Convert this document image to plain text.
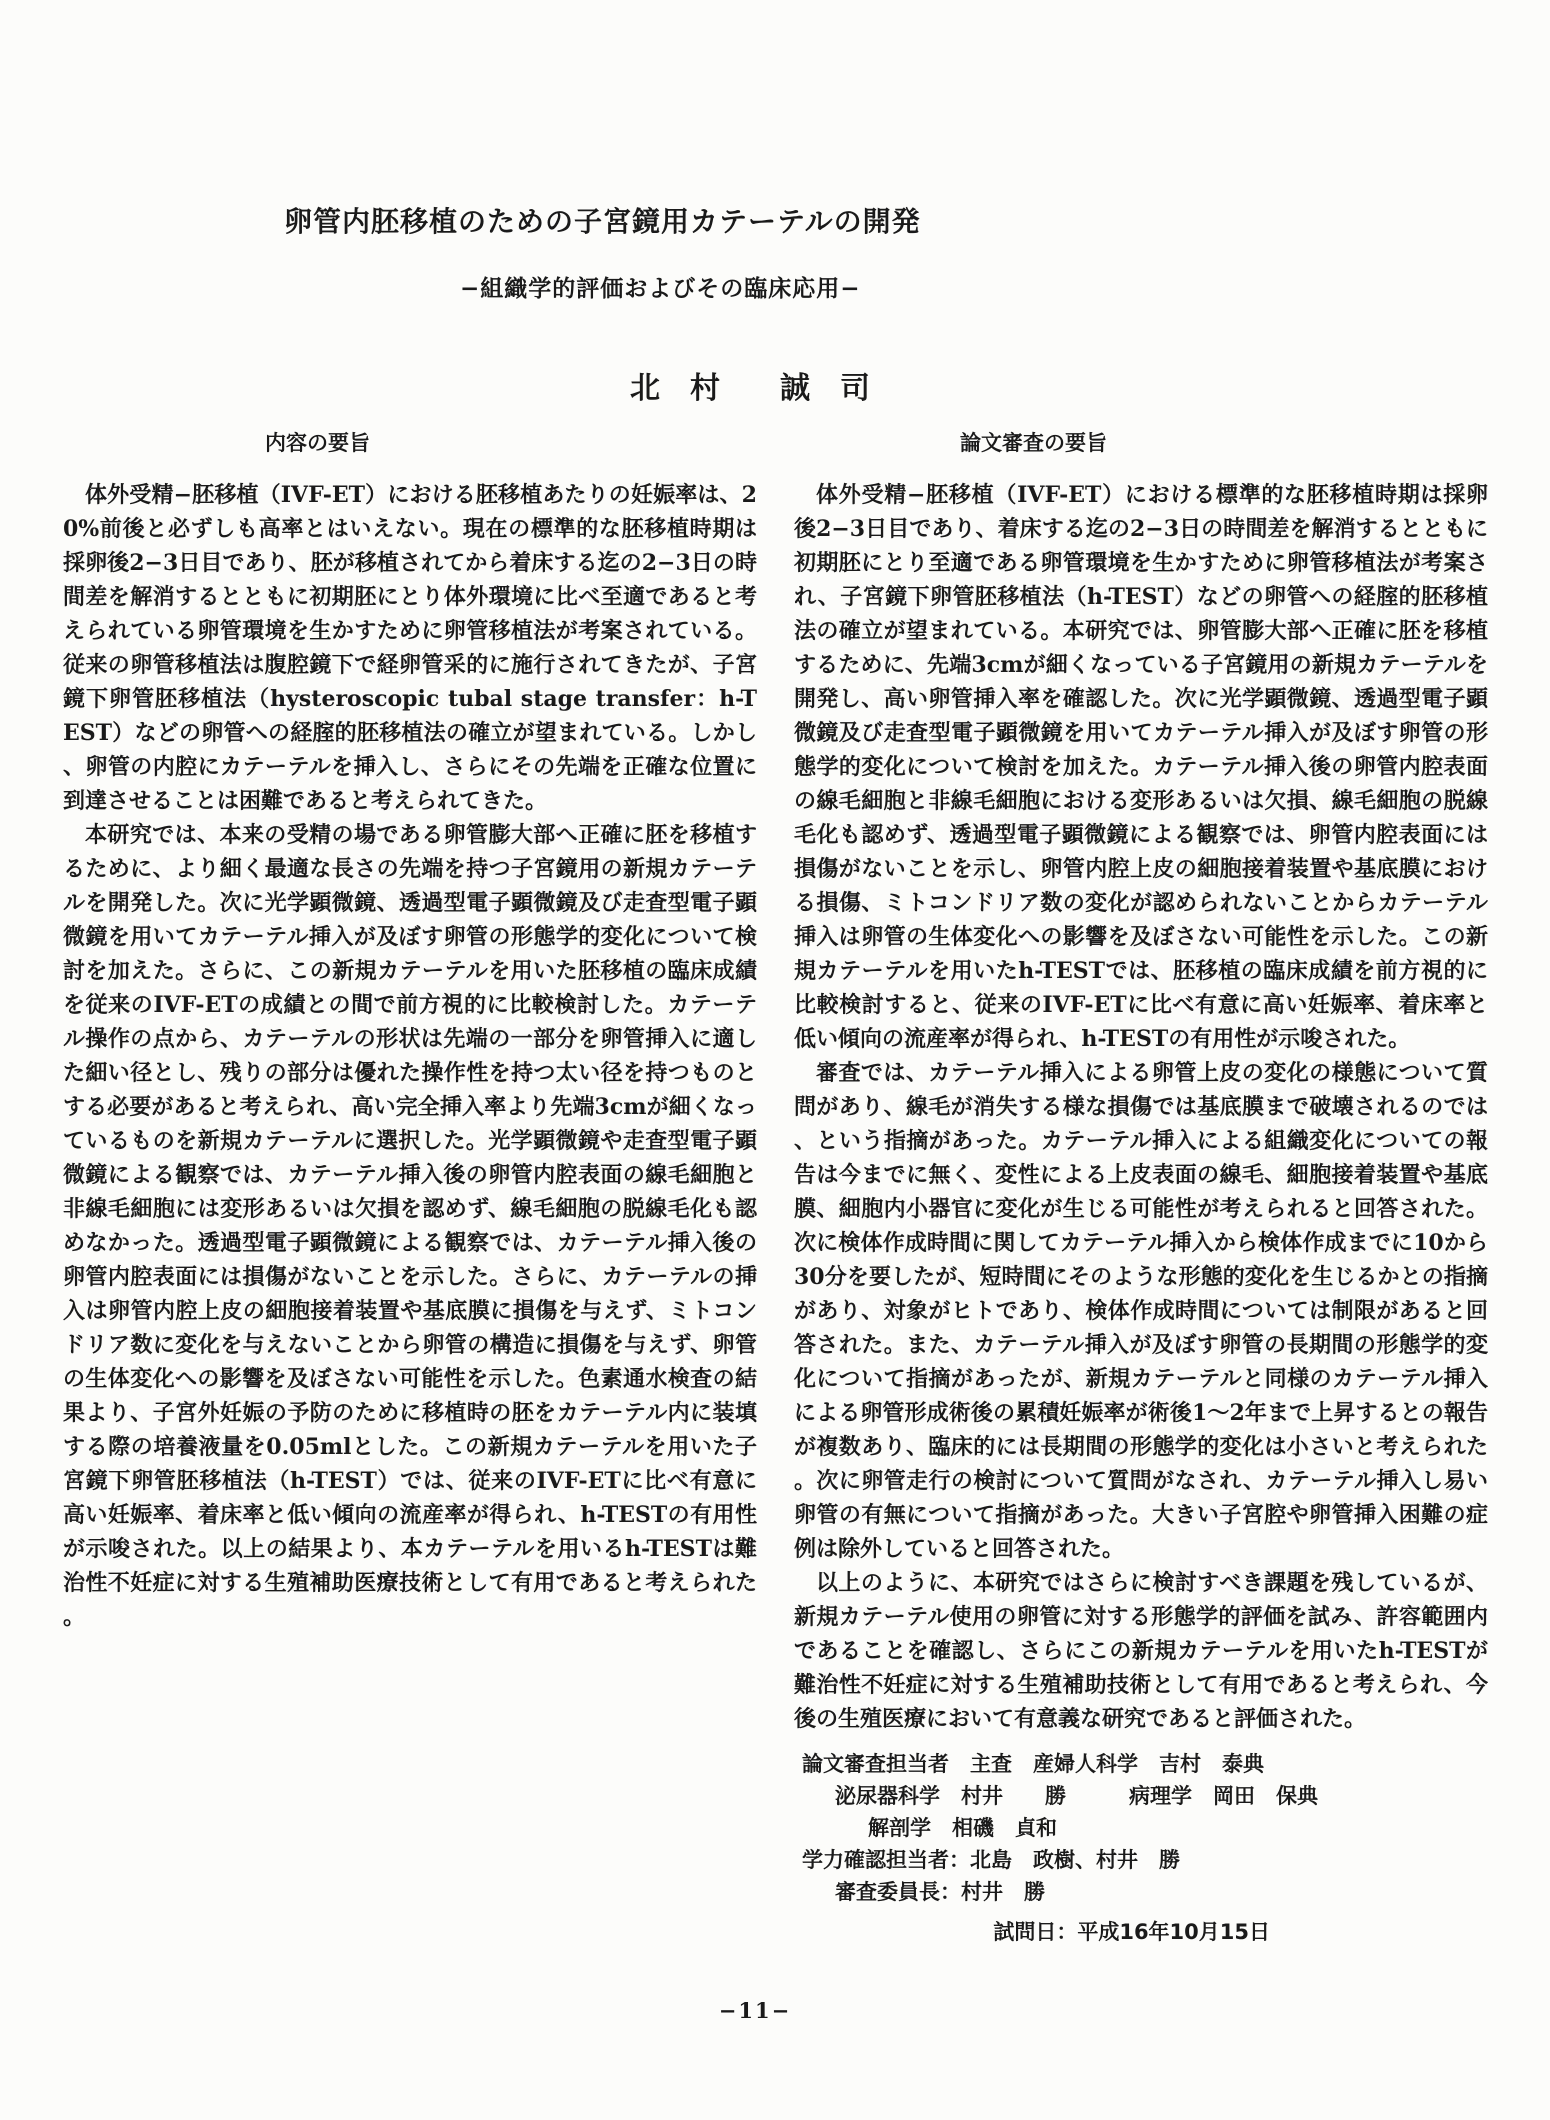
卵管内胚移植のための子宮鏡用カテーテルの開発
−組織学的評価およびその臨床応用−
北　村　　誠　司
内容の要旨

体外受精−胚移植（IVF-ET）における胚移植あたりの妊娠率は、20%前後と必ずしも高率とはいえない。現在の標準的な胚移植時期は採卵後2−3日目であり、胚が移植されてから着床する迄の2−3日の時間差を解消するとともに初期胚にとり体外環境に比べ至適であると考えられている卵管環境を生かすために卵管移植法が考案されている。従来の卵管移植法は腹腔鏡下で経卵管采的に施行されてきたが、子宮鏡下卵管胚移植法（hysteroscopic tubal stage transfer：h-TEST）などの卵管への経腟的胚移植法の確立が望まれている。しかし、卵管の内腔にカテーテルを挿入し、さらにその先端を正確な位置に到達させることは困難であると考えられてきた。

本研究では、本来の受精の場である卵管膨大部へ正確に胚を移植するために、より細く最適な長さの先端を持つ子宮鏡用の新規カテーテルを開発した。次に光学顕微鏡、透過型電子顕微鏡及び走査型電子顕微鏡を用いてカテーテル挿入が及ぼす卵管の形態学的変化について検討を加えた。さらに、この新規カテーテルを用いた胚移植の臨床成績を従来のIVF-ETの成績との間で前方視的に比較検討した。カテーテル操作の点から、カテーテルの形状は先端の一部分を卵管挿入に適した細い径とし、残りの部分は優れた操作性を持つ太い径を持つものとする必要があると考えられ、高い完全挿入率より先端3cmが細くなっているものを新規カテーテルに選択した。光学顕微鏡や走査型電子顕微鏡による観察では、カテーテル挿入後の卵管内腔表面の線毛細胞と非線毛細胞には変形あるいは欠損を認めず、線毛細胞の脱線毛化も認めなかった。透過型電子顕微鏡による観察では、カテーテル挿入後の卵管内腔表面には損傷がないことを示した。さらに、カテーテルの挿入は卵管内腔上皮の細胞接着装置や基底膜に損傷を与えず、ミトコンドリア数に変化を与えないことから卵管の構造に損傷を与えず、卵管の生体変化への影響を及ぼさない可能性を示した。色素通水検査の結果より、子宮外妊娠の予防のために移植時の胚をカテーテル内に装填する際の培養液量を0.05mlとした。この新規カテーテルを用いた子宮鏡下卵管胚移植法（h-TEST）では、従来のIVF-ETに比べ有意に高い妊娠率、着床率と低い傾向の流産率が得られ、h-TESTの有用性が示唆された。以上の結果より、本カテーテルを用いるh-TESTは難治性不妊症に対する生殖補助医療技術として有用であると考えられた。

論文審査の要旨

体外受精−胚移植（IVF-ET）における標準的な胚移植時期は採卵後2−3日目であり、着床する迄の2−3日の時間差を解消するとともに初期胚にとり至適である卵管環境を生かすために卵管移植法が考案され、子宮鏡下卵管胚移植法（h-TEST）などの卵管への経腟的胚移植法の確立が望まれている。本研究では、卵管膨大部へ正確に胚を移植するために、先端3cmが細くなっている子宮鏡用の新規カテーテルを開発し、高い卵管挿入率を確認した。次に光学顕微鏡、透過型電子顕微鏡及び走査型電子顕微鏡を用いてカテーテル挿入が及ぼす卵管の形態学的変化について検討を加えた。カテーテル挿入後の卵管内腔表面の線毛細胞と非線毛細胞における変形あるいは欠損、線毛細胞の脱線毛化も認めず、透過型電子顕微鏡による観察では、卵管内腔表面には損傷がないことを示し、卵管内腔上皮の細胞接着装置や基底膜における損傷、ミトコンドリア数の変化が認められないことからカテーテル挿入は卵管の生体変化への影響を及ぼさない可能性を示した。この新規カテーテルを用いたh-TESTでは、胚移植の臨床成績を前方視的に比較検討すると、従来のIVF-ETに比べ有意に高い妊娠率、着床率と低い傾向の流産率が得られ、h-TESTの有用性が示唆された。

審査では、カテーテル挿入による卵管上皮の変化の様態について質問があり、線毛が消失する様な損傷では基底膜まで破壊されるのでは、という指摘があった。カテーテル挿入による組織変化についての報告は今までに無く、変性による上皮表面の線毛、細胞接着装置や基底膜、細胞内小器官に変化が生じる可能性が考えられると回答された。次に検体作成時間に関してカテーテル挿入から検体作成までに10から30分を要したが、短時間にそのような形態的変化を生じるかとの指摘があり、対象がヒトであり、検体作成時間については制限があると回答された。また、カテーテル挿入が及ぼす卵管の長期間の形態学的変化について指摘があったが、新規カテーテルと同様のカテーテル挿入による卵管形成術後の累積妊娠率が術後1〜2年まで上昇するとの報告が複数あり、臨床的には長期間の形態学的変化は小さいと考えられた。次に卵管走行の検討について質問がなされ、カテーテル挿入し易い卵管の有無について指摘があった。大きい子宮腔や卵管挿入困難の症例は除外していると回答された。

以上のように、本研究ではさらに検討すべき課題を残しているが、新規カテーテル使用の卵管に対する形態学的評価を試み、許容範囲内であることを確認し、さらにこの新規カテーテルを用いたh-TESTが難治性不妊症に対する生殖補助技術として有用であると考えられ、今後の生殖医療において有意義な研究であると評価された。

論文審査担当者　主査　産婦人科学　吉村　泰典
泌尿器科学　村井　　勝　　　病理学　岡田　保典
解剖学　相磯　貞和
学力確認担当者：北島　政樹、村井　勝
審査委員長：村井　勝
試問日：平成16年10月15日
−11−
